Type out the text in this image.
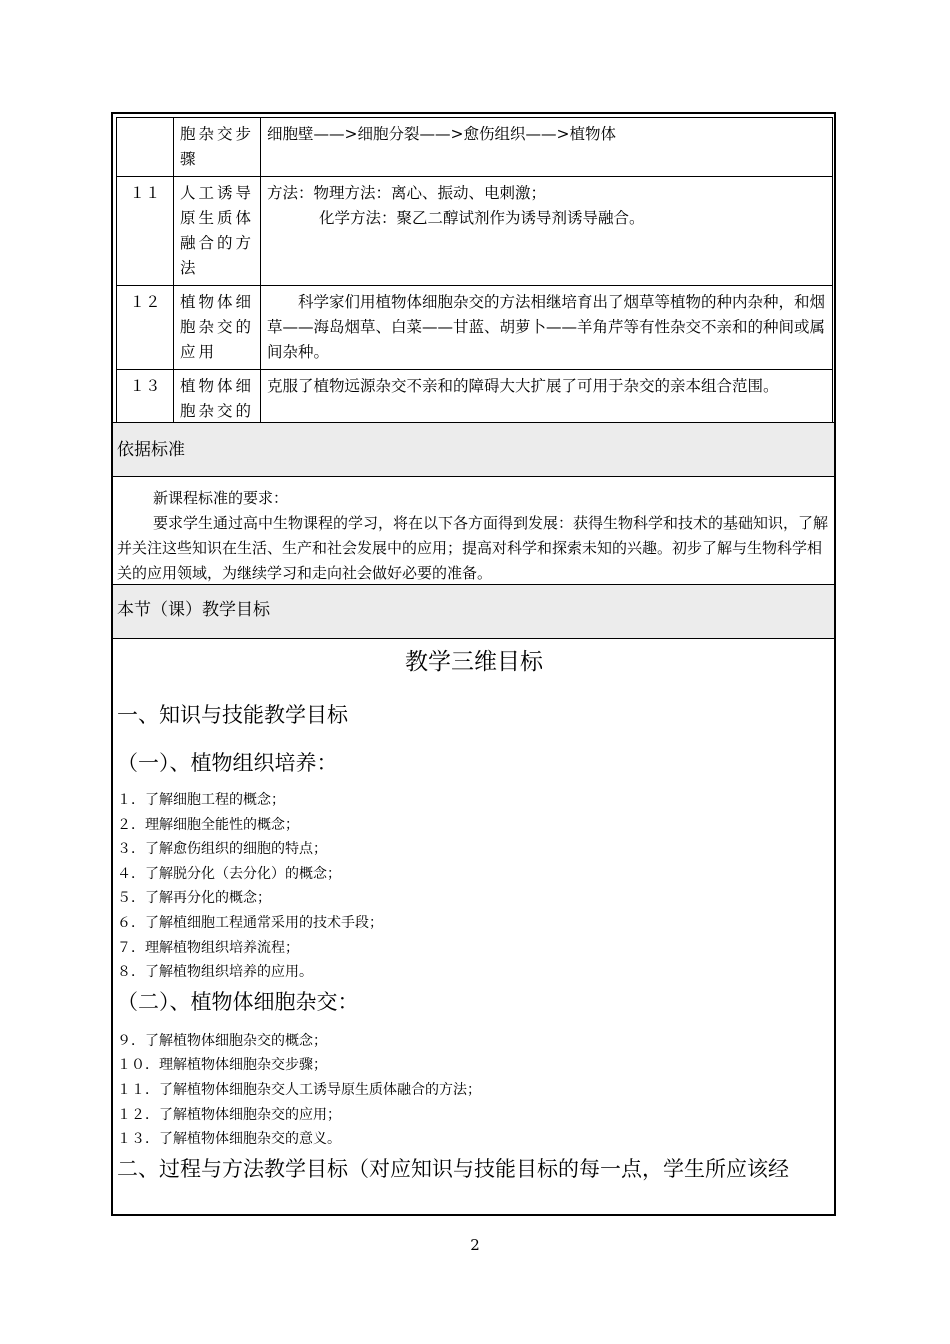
	胞杂交步骤	细胞壁——>细胞分裂——>愈伤组织——>植物体

１１	人工诱导原生质体融合的方法	方法：物理方法：离心、振动、电刺激；
化学方法：聚乙二醇试剂作为诱导剂诱导融合。

１２	植物体细胞杂交的应用	科学家们用植物体细胞杂交的方法相继培育出了烟草等植物的种内杂种，和烟草——海岛烟草、白菜——甘蓝、胡萝卜——羊角芹等有性杂交不亲和的种间或属间杂种。

１３	植物体细胞杂交的	克服了植物远源杂交不亲和的障碍大大扩展了可用于杂交的亲本组合范围。
依据标准

新课程标准的要求：

要求学生通过高中生物课程的学习，将在以下各方面得到发展：获得生物科学和技术的基础知识，了解并关注这些知识在生活、生产和社会发展中的应用；提高对科学和探索未知的兴趣。初步了解与生物科学相关的应用领域，为继续学习和走向社会做好必要的准备。

本节（课）教学目标
教学三维目标
一、知识与技能教学目标
（一）、植物组织培养：
１．了解细胞工程的概念；
２．理解细胞全能性的概念；
３．了解愈伤组织的细胞的特点；
４．了解脱分化（去分化）的概念；
５．了解再分化的概念；
６．了解植细胞工程通常采用的技术手段；
７．理解植物组织培养流程；
８．了解植物组织培养的应用。
（二）、植物体细胞杂交：
９．了解植物体细胞杂交的概念；
１０．理解植物体细胞杂交步骤；
１１．了解植物体细胞杂交人工诱导原生质体融合的方法；
１２．了解植物体细胞杂交的应用；
１３．了解植物体细胞杂交的意义。
二、过程与方法教学目标（对应知识与技能目标的每一点，学生所应该经
2
